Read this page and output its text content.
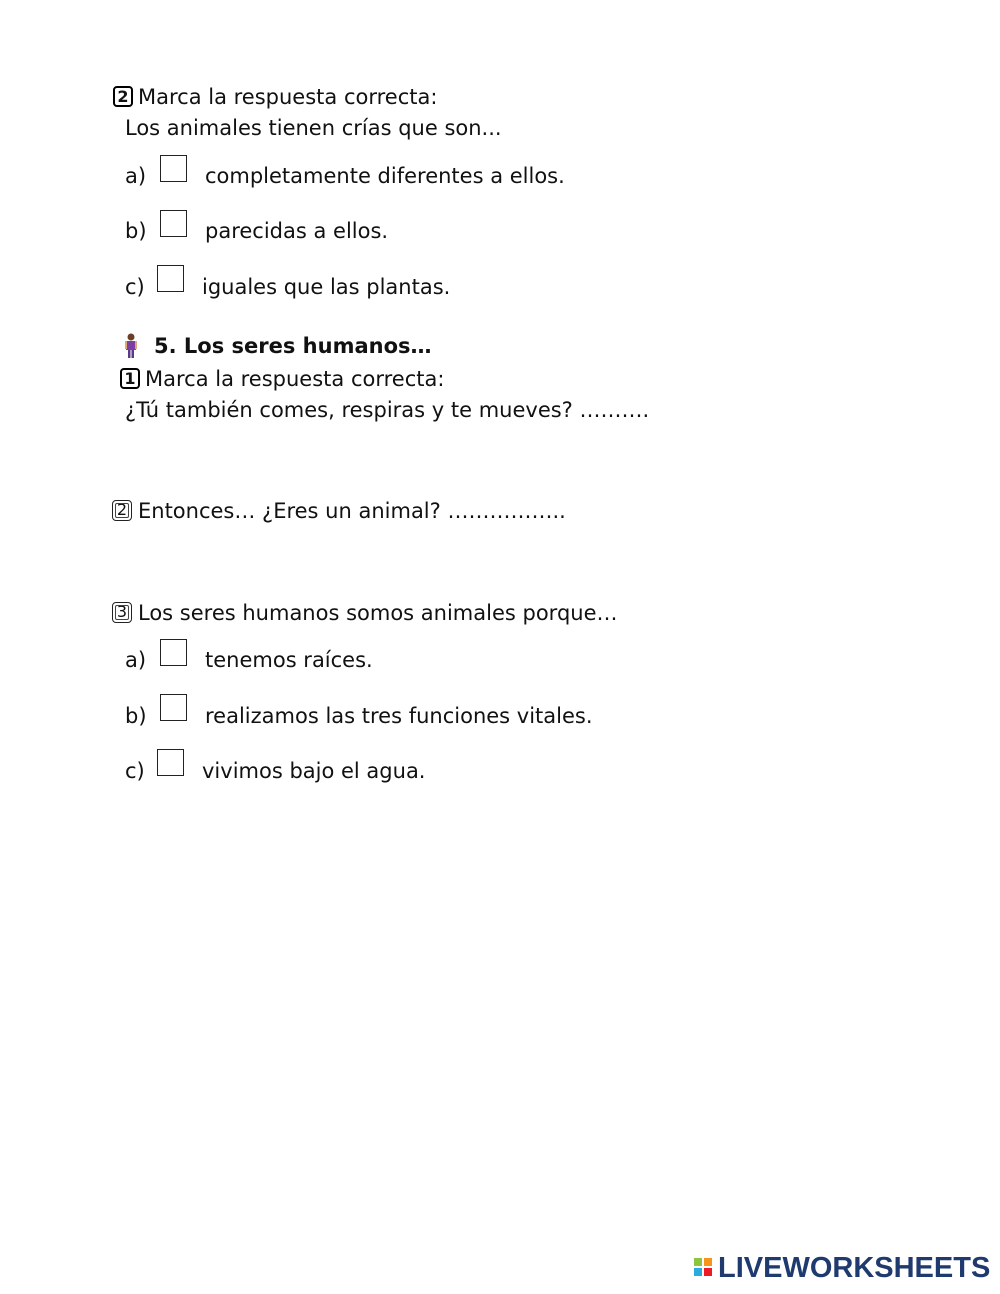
2 Marca la respuesta correcta:
Los animales tienen crías que son...
a)	completamente diferentes a ellos.
b)	parecidas a ellos.
c)	iguales que las plantas.
5. Los seres humanos…
1 Marca la respuesta correcta:
¿Tú también comes, respiras y te mueves? ……….
2 Entonces… ¿Eres un animal? ……………..
3 Los seres humanos somos animales porque…
a)	tenemos raíces.
b)	realizamos las tres funciones vitales.
c)	vivimos bajo el agua.
LIVEWORKSHEETS
